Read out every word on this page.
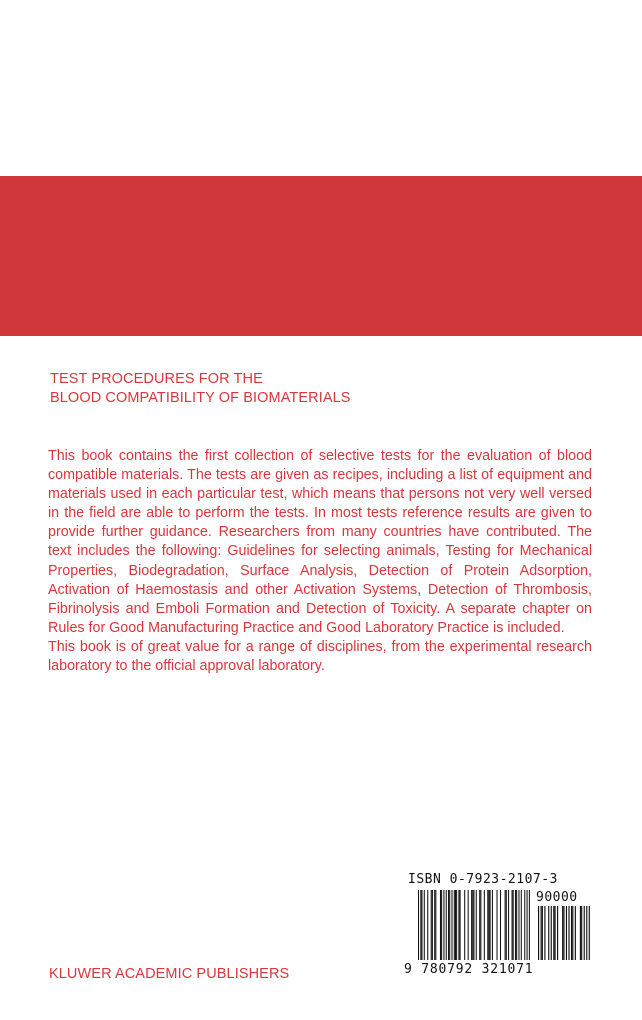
TEST PROCEDURES FOR THE
BLOOD COMPATIBILITY OF BIOMATERIALS

This book contains the first collection of selective tests for the evaluation of blood compatible materials. The tests are given as recipes, including a list of equipment and materials used in each particular test, which means that persons not very well versed in the field are able to perform the tests. In most tests reference results are given to provide further guidance. Researchers from many countries have contributed. The text includes the following: Guidelines for selecting animals, Testing for Mechanical Properties, Biodegradation, Surface Analysis, Detection of Protein Adsorption, Activation of Haemostasis and other Activation Systems, Detection of Thrombosis, Fibrinolysis and Emboli Formation and Detection of Toxicity. A separate chapter on Rules for Good Manufacturing Practice and Good Laboratory Practice is included.

This book is of great value for a range of disciplines, from the experimental research laboratory to the official approval laboratory.

ISBN 0-7923-2107-3
90000
9 780792 321071
KLUWER ACADEMIC PUBLISHERS
